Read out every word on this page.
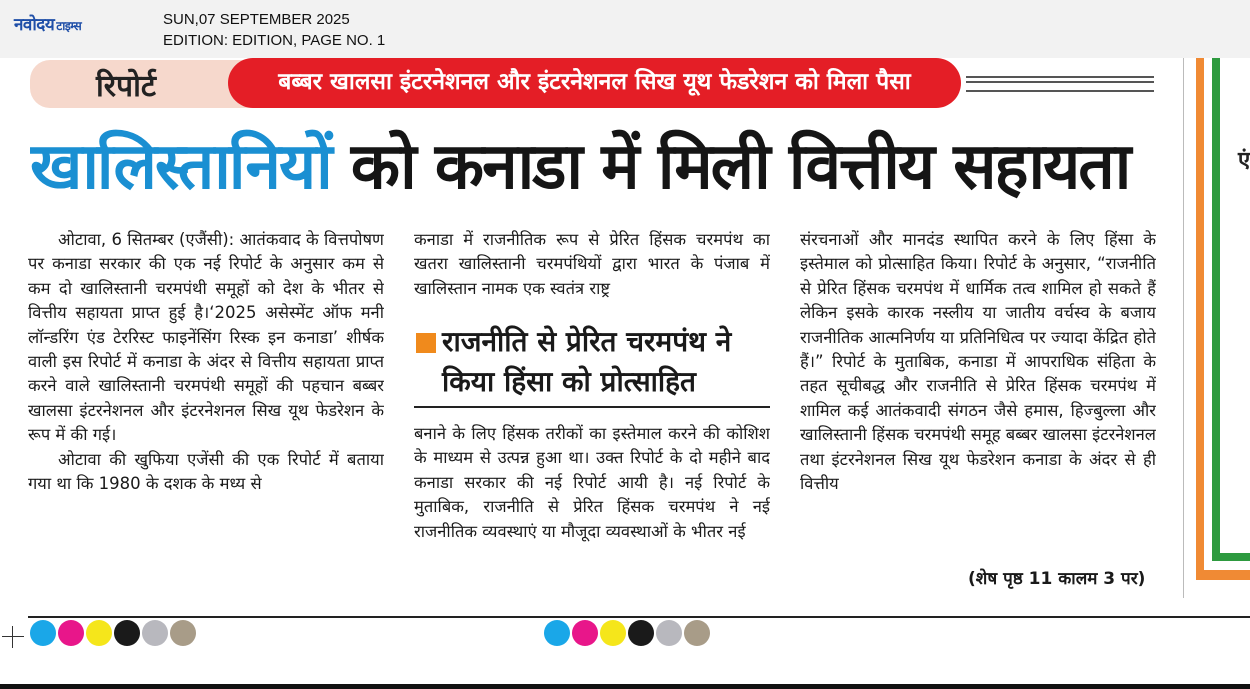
नवोदय टाइम्स	SUN,07 SEPTEMBER 2025
EDITION: EDITION, PAGE NO. 1
रिपोर्ट	बब्बर खालसा इंटरनेशनल और इंटरनेशनल सिख यूथ फेडरेशन को मिला पैसा
खालिस्तानियों को कनाडा में मिली वित्तीय सहायता

ओटावा, 6 सितम्बर (एजैंसी): आतंकवाद के वित्तपोषण पर कनाडा सरकार की एक नई रिपोर्ट के अनुसार कम से कम दो खालिस्तानी चरमपंथी समूहों को देश के भीतर से वित्तीय सहायता प्राप्त हुई है।‘2025 असेस्मेंट ऑफ मनी लॉन्डरिंग एंड टेररिस्ट फाइनेंसिंग रिस्क इन कनाडा’ शीर्षक वाली इस रिपोर्ट में कनाडा के अंदर से वित्तीय सहायता प्राप्त करने वाले खालिस्तानी चरमपंथी समूहों की पहचान बब्बर खालसा इंटरनेशनल और इंटरनेशनल सिख यूथ फेडरेशन के रूप में की गई।

ओटावा की खुफिया एजेंसी की एक रिपोर्ट में बताया गया था कि 1980 के दशक के मध्य से

कनाडा में राजनीतिक रूप से प्रेरित हिंसक चरमपंथ का खतरा खालिस्तानी चरमपंथियों द्वारा भारत के पंजाब में खालिस्तान नामक एक स्वतंत्र राष्ट्र

राजनीति से प्रेरित चरमपंथ ने
किया हिंसा को प्रोत्साहित

बनाने के लिए हिंसक तरीकों का इस्तेमाल करने की कोशिश के माध्यम से उत्पन्न हुआ था। उक्त रिपोर्ट के दो महीने बाद कनाडा सरकार की नई रिपोर्ट आयी है। नई रिपोर्ट के मुताबिक, राजनीति से प्रेरित हिंसक चरमपंथ ने नई राजनीतिक व्यवस्थाएं या मौजूदा व्यवस्थाओं के भीतर नई

संरचनाओं और मानदंड स्थापित करने के लिए हिंसा के इस्तेमाल को प्रोत्साहित किया। रिपोर्ट के अनुसार, “राजनीति से प्रेरित हिंसक चरमपंथ में धार्मिक तत्व शामिल हो सकते हैं लेकिन इसके कारक नस्लीय या जातीय वर्चस्व के बजाय राजनीतिक आत्मनिर्णय या प्रतिनिधित्व पर ज्यादा केंद्रित होते हैं।” रिपोर्ट के मुताबिक, कनाडा में आपराधिक संहिता के तहत सूचीबद्ध और राजनीति से प्रेरित हिंसक चरमपंथ में शामिल कई आतंकवादी संगठन जैसे हमास, हिज्बुल्ला और खालिस्तानी हिंसक चरमपंथी समूह बब्बर खालसा इंटरनेशनल तथा इंटरनेशनल सिख यूथ फेडरेशन कनाडा के अंदर से ही वित्तीय

(शेष पृष्ठ 11 कालम 3 पर)
एं
